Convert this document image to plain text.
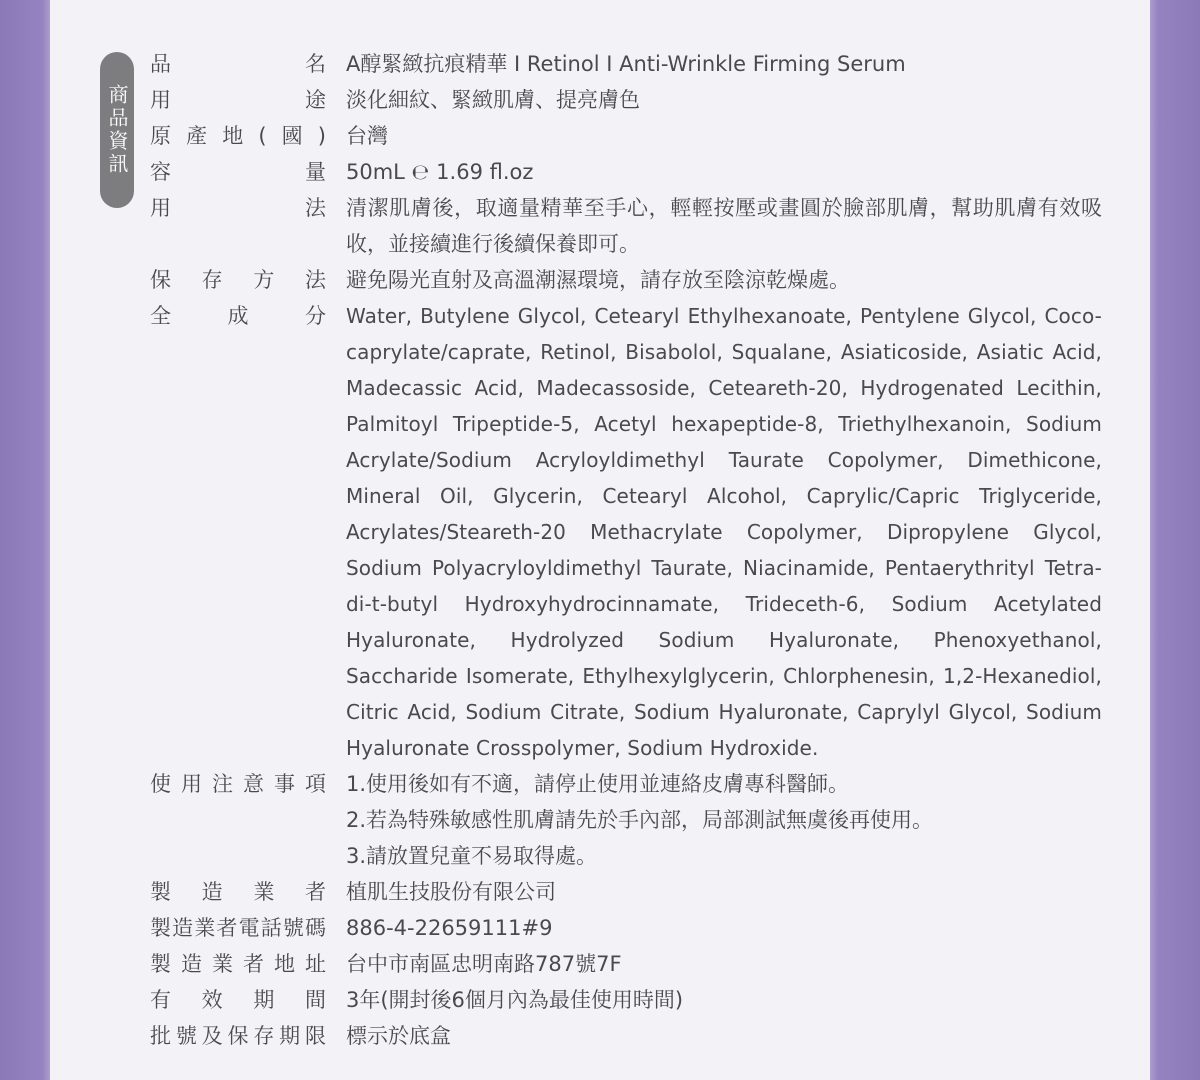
商品資訊
品名 A醇緊緻抗痕精華 I Retinol I Anti-Wrinkle Firming Serum
用途 淡化細紋、緊緻肌膚、提亮膚色
原產地(國) 台灣
容量 50mL ℮ 1.69 fl.oz
用法 清潔肌膚後，取適量精華至手心，輕輕按壓或畫圓於臉部肌膚，幫助肌膚有效吸收，並接續進行後續保養即可。
保存方法 避免陽光直射及高溫潮濕環境，請存放至陰涼乾燥處。
全成分 Water, Butylene Glycol, Cetearyl Ethylhexanoate, Pentylene Glycol, Coco-caprylate/caprate, Retinol, Bisabolol, Squalane, Asiaticoside, Asiatic Acid, Madecassic Acid, Madecassoside, Ceteareth-20, Hydrogenated Lecithin, Palmitoyl Tripeptide-5, Acetyl hexapeptide-8, Triethylhexanoin, Sodium Acrylate/Sodium Acryloyldimethyl Taurate Copolymer, Dimethicone, Mineral Oil, Glycerin, Cetearyl Alcohol, Caprylic/Capric Triglyceride, Acrylates/Steareth-20 Methacrylate Copolymer, Dipropylene Glycol, Sodium Polyacryloyldimethyl Taurate, Niacinamide, Pentaerythrityl Tetra-di-t-butyl Hydroxyhydrocinnamate, Trideceth-6, Sodium Acetylated Hyaluronate, Hydrolyzed Sodium Hyaluronate, Phenoxyethanol, Saccharide Isomerate, Ethylhexylglycerin, Chlorphenesin, 1,2-Hexanediol, Citric Acid, Sodium Citrate, Sodium Hyaluronate, Caprylyl Glycol, Sodium Hyaluronate Crosspolymer, Sodium Hydroxide.
使用注意事項 1.使用後如有不適，請停止使用並連絡皮膚專科醫師。
2.若為特殊敏感性肌膚請先於手內部，局部測試無虞後再使用。
3.請放置兒童不易取得處。
製造業者 植肌生技股份有限公司
製造業者電話號碼 886-4-22659111#9
製造業者地址 台中市南區忠明南路787號7F
有效期間 3年(開封後6個月內為最佳使用時間)
批號及保存期限 標示於底盒
